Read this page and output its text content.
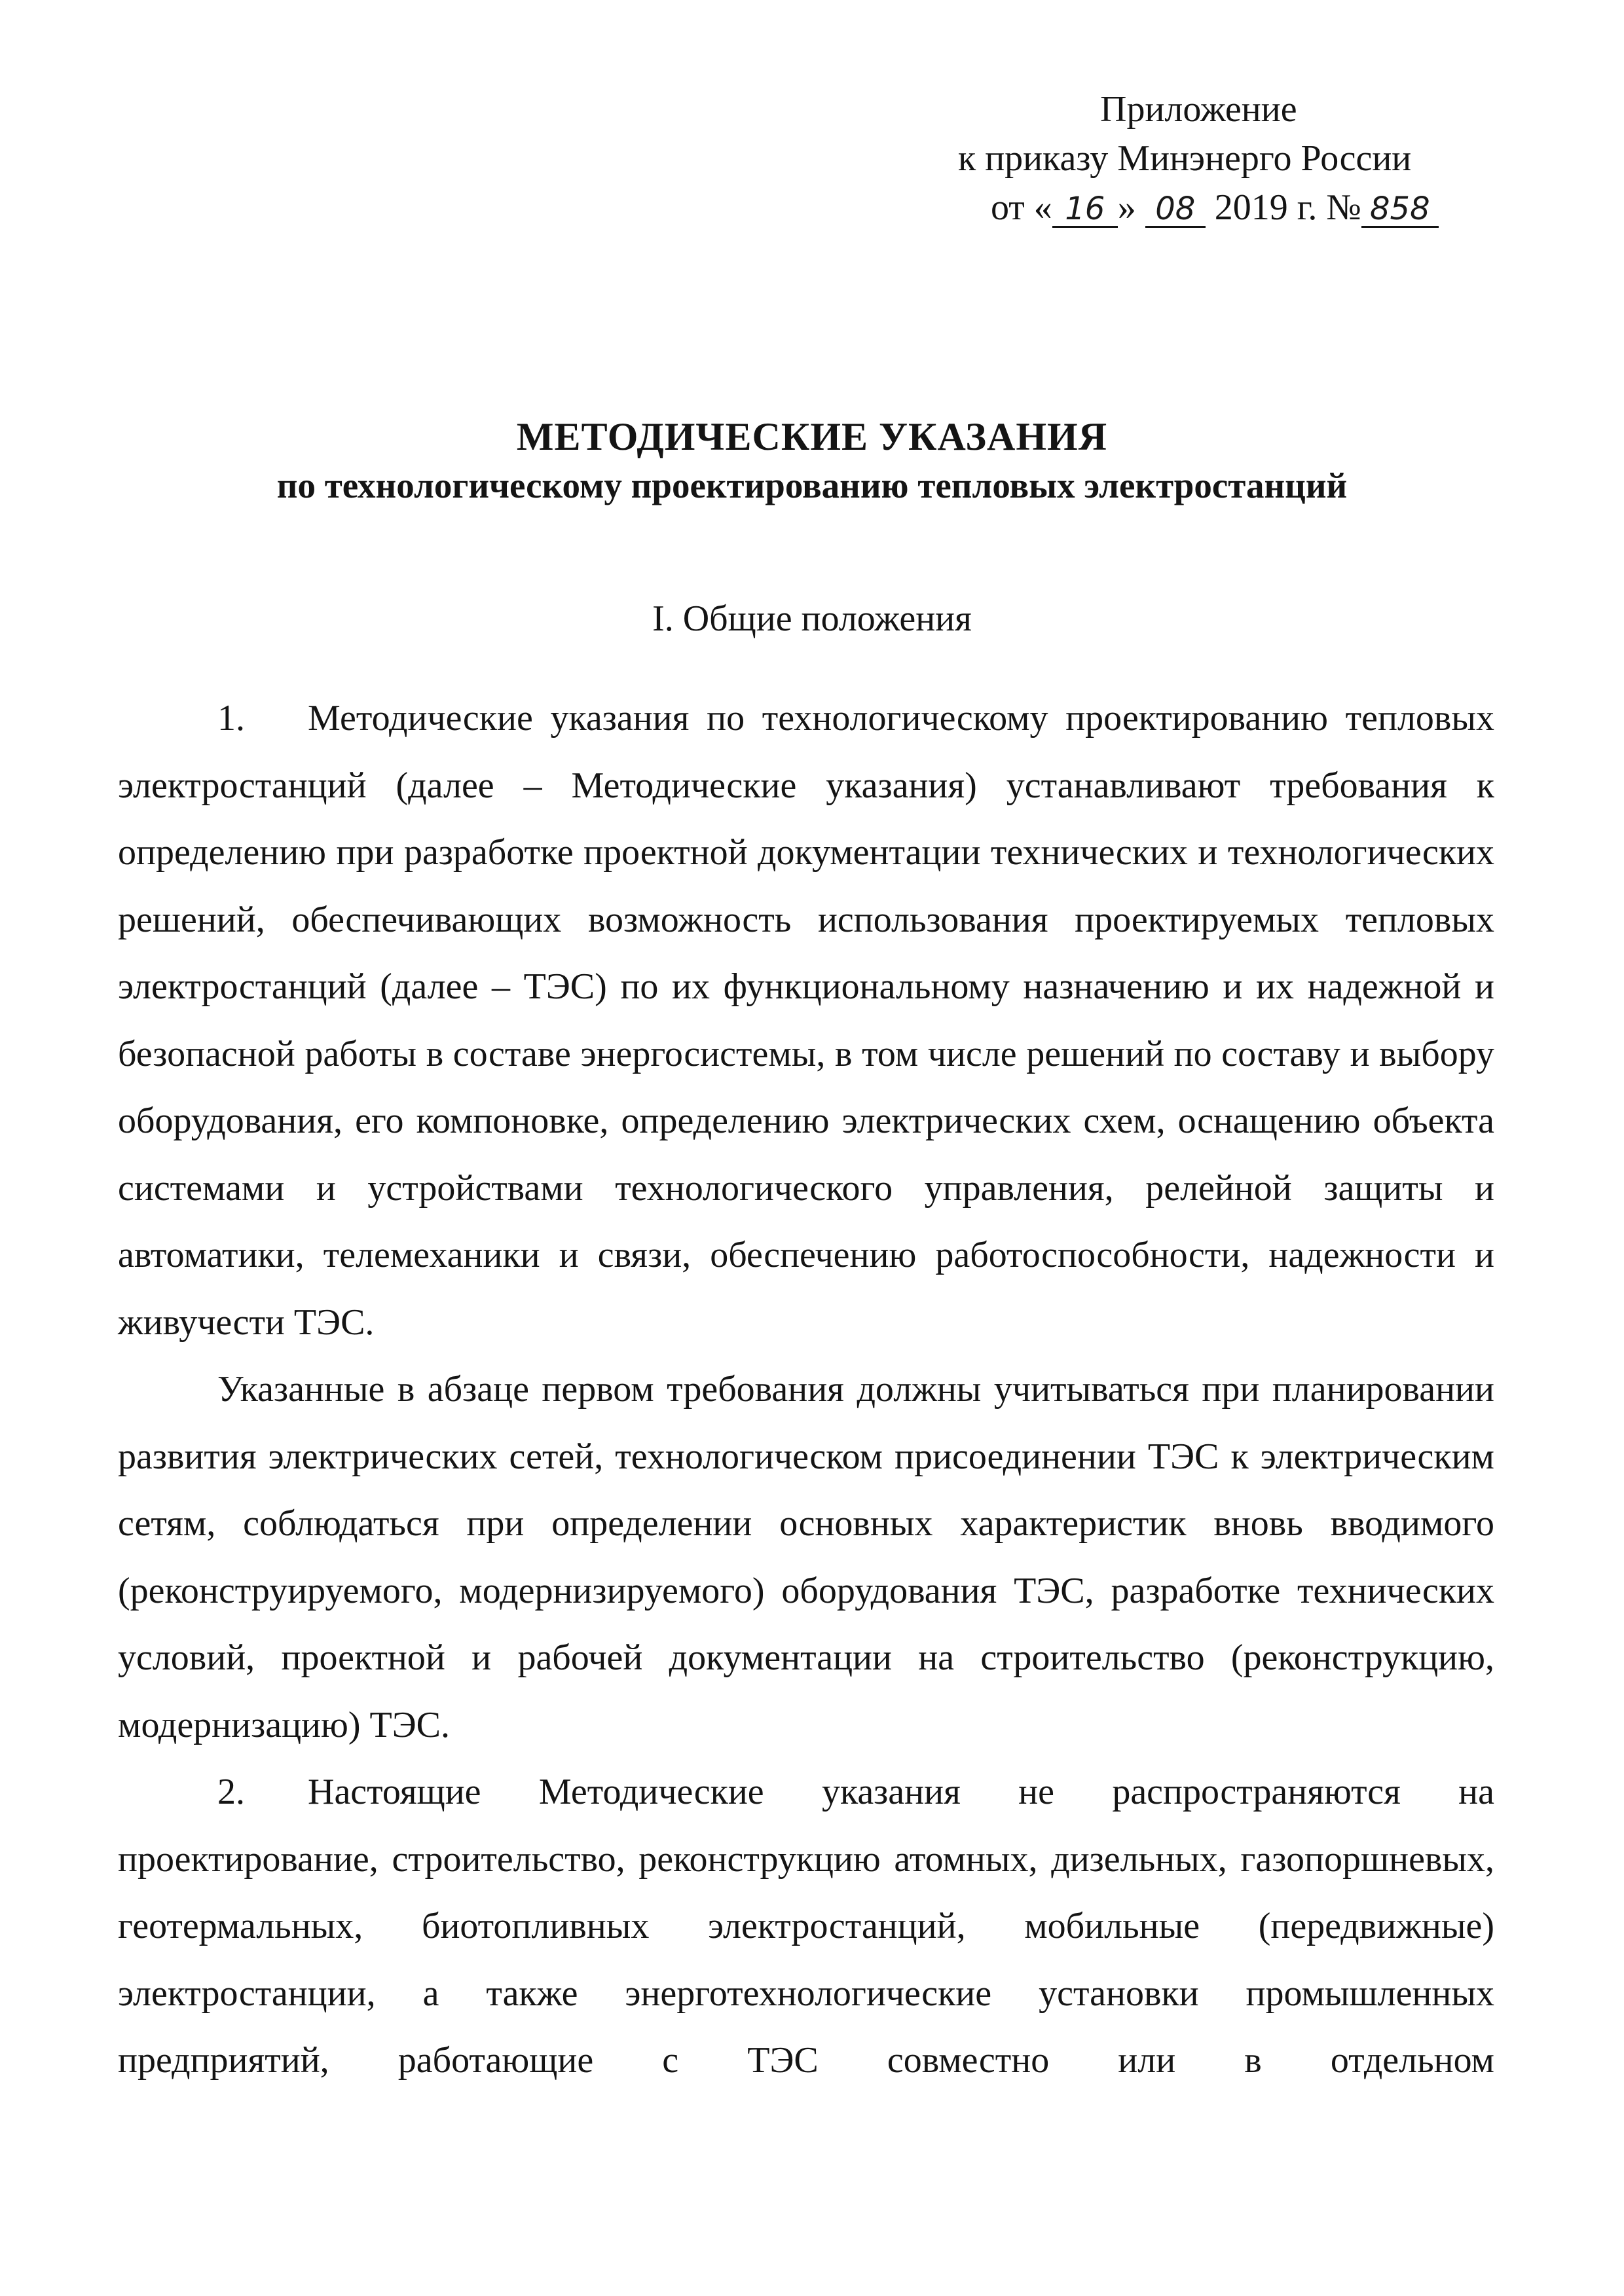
Приложение
к приказу Минэнерго России
от « 16 » 08 2019 г. № 858
МЕТОДИЧЕСКИЕ УКАЗАНИЯ
по технологическому проектированию тепловых электростанций
I. Общие положения

1. Методические указания по технологическому проектированию тепловых электростанций (далее – Методические указания) устанавливают требования к определению при разработке проектной документации технических и технологических решений, обеспечивающих возможность использования проектируемых тепловых электростанций (далее – ТЭС) по их функциональному назначению и их надежной и безопасной работы в составе энергосистемы, в том числе решений по составу и выбору оборудования, его компоновке, определению электрических схем, оснащению объекта системами и устройствами технологического управления, релейной защиты и автоматики, телемеханики и связи, обеспечению работоспособности, надежности и живучести ТЭС.

Указанные в абзаце первом требования должны учитываться при планировании развития электрических сетей, технологическом присоединении ТЭС к электрическим сетям, соблюдаться при определении основных характеристик вновь вводимого (реконструируемого, модернизируемого) оборудования ТЭС, разработке технических условий, проектной и рабочей документации на строительство (реконструкцию, модернизацию) ТЭС.

2. Настоящие Методические указания не распространяются на проектирование, строительство, реконструкцию атомных, дизельных, газопоршневых, геотермальных, биотопливных электростанций, мобильные (передвижные) электростанции, а также энерготехнологические установки промышленных предприятий, работающие с ТЭС совместно или в отдельном
